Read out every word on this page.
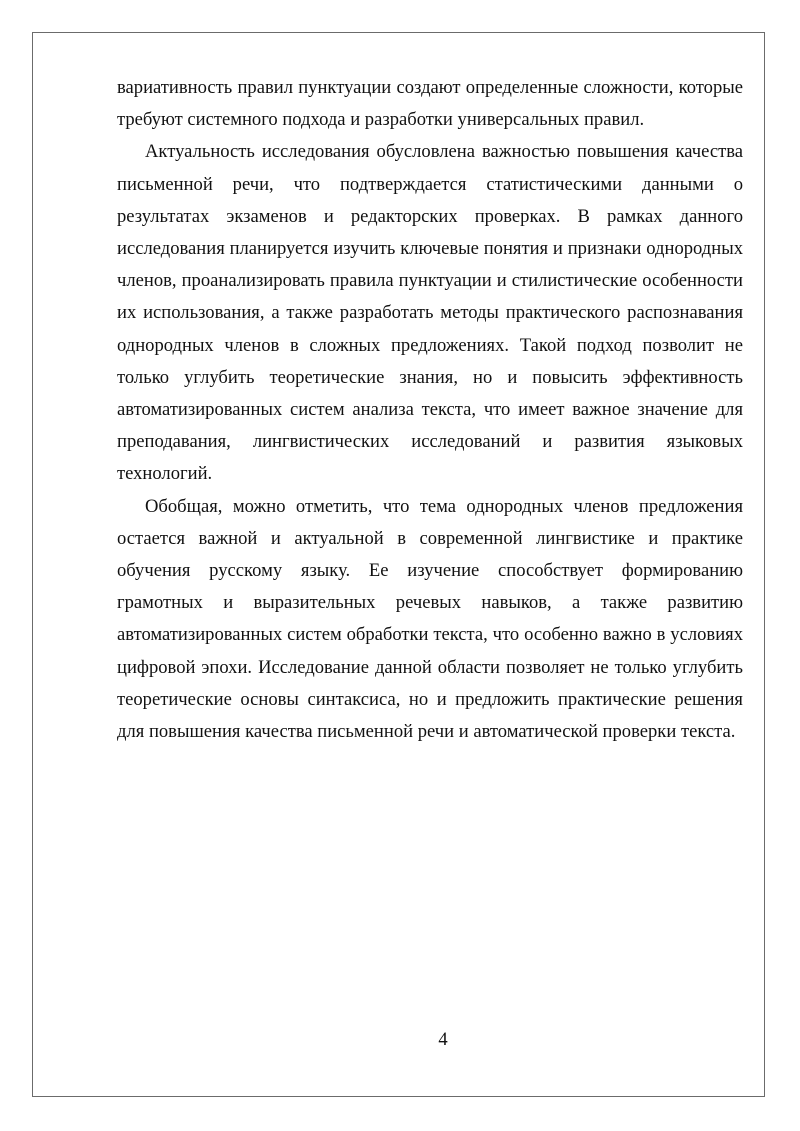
вариативность правил пунктуации создают определенные сложности, которые требуют системного подхода и разработки универсальных правил.

Актуальность исследования обусловлена важностью повышения качества письменной речи, что подтверждается статистическими данными о результатах экзаменов и редакторских проверках. В рамках данного исследования планируется изучить ключевые понятия и признаки однородных членов, проанализировать правила пунктуации и стилистические особенности их использования, а также разработать методы практического распознавания однородных членов в сложных предложениях. Такой подход позволит не только углубить теоретические знания, но и повысить эффективность автоматизированных систем анализа текста, что имеет важное значение для преподавания, лингвистических исследований и развития языковых технологий.

Обобщая, можно отметить, что тема однородных членов предложения остается важной и актуальной в современной лингвистике и практике обучения русскому языку. Ее изучение способствует формированию грамотных и выразительных речевых навыков, а также развитию автоматизированных систем обработки текста, что особенно важно в условиях цифровой эпохи. Исследование данной области позволяет не только углубить теоретические основы синтаксиса, но и предложить практические решения для повышения качества письменной речи и автоматической проверки текста.

4
